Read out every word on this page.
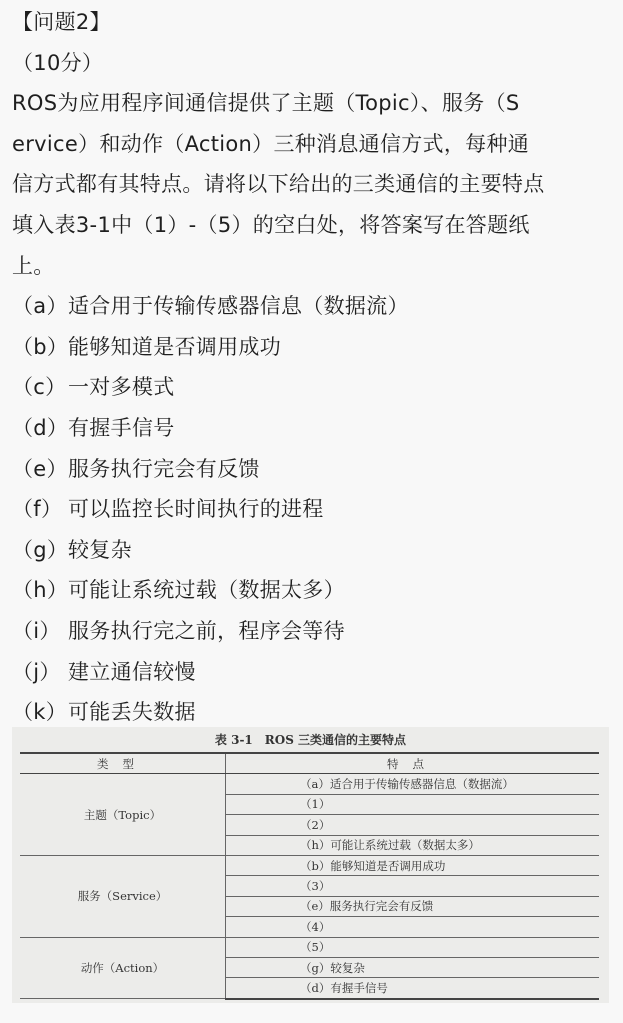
【问题2】
（10分）
ROS为应用程序间通信提供了主题（Topic）、服务（S
ervice）和动作（Action）三种消息通信方式，每种通
信方式都有其特点。请将以下给出的三类通信的主要特点
填入表3-1中（1）-（5）的空白处，将答案写在答题纸
上。
（a）适合用于传输传感器信息（数据流）
（b）能够知道是否调用成功
（c）一对多模式
（d）有握手信号
（e）服务执行完会有反馈
（f） 可以监控长时间执行的进程
（g）较复杂
（h）可能让系统过载（数据太多）
（i） 服务执行完之前，程序会等待
（j） 建立通信较慢
（k）可能丢失数据
表 3-1　ROS 三类通信的主要特点
类型	特点
主题（Topic）	（a）适合用于传输传感器信息（数据流）
	（1）
	（2）
	（h）可能让系统过载（数据太多）
服务（Service）	（b）能够知道是否调用成功
	（3）
	（e）服务执行完会有反馈
	（4）
动作（Action）	（5）
	（g）较复杂
	（d）有握手信号
